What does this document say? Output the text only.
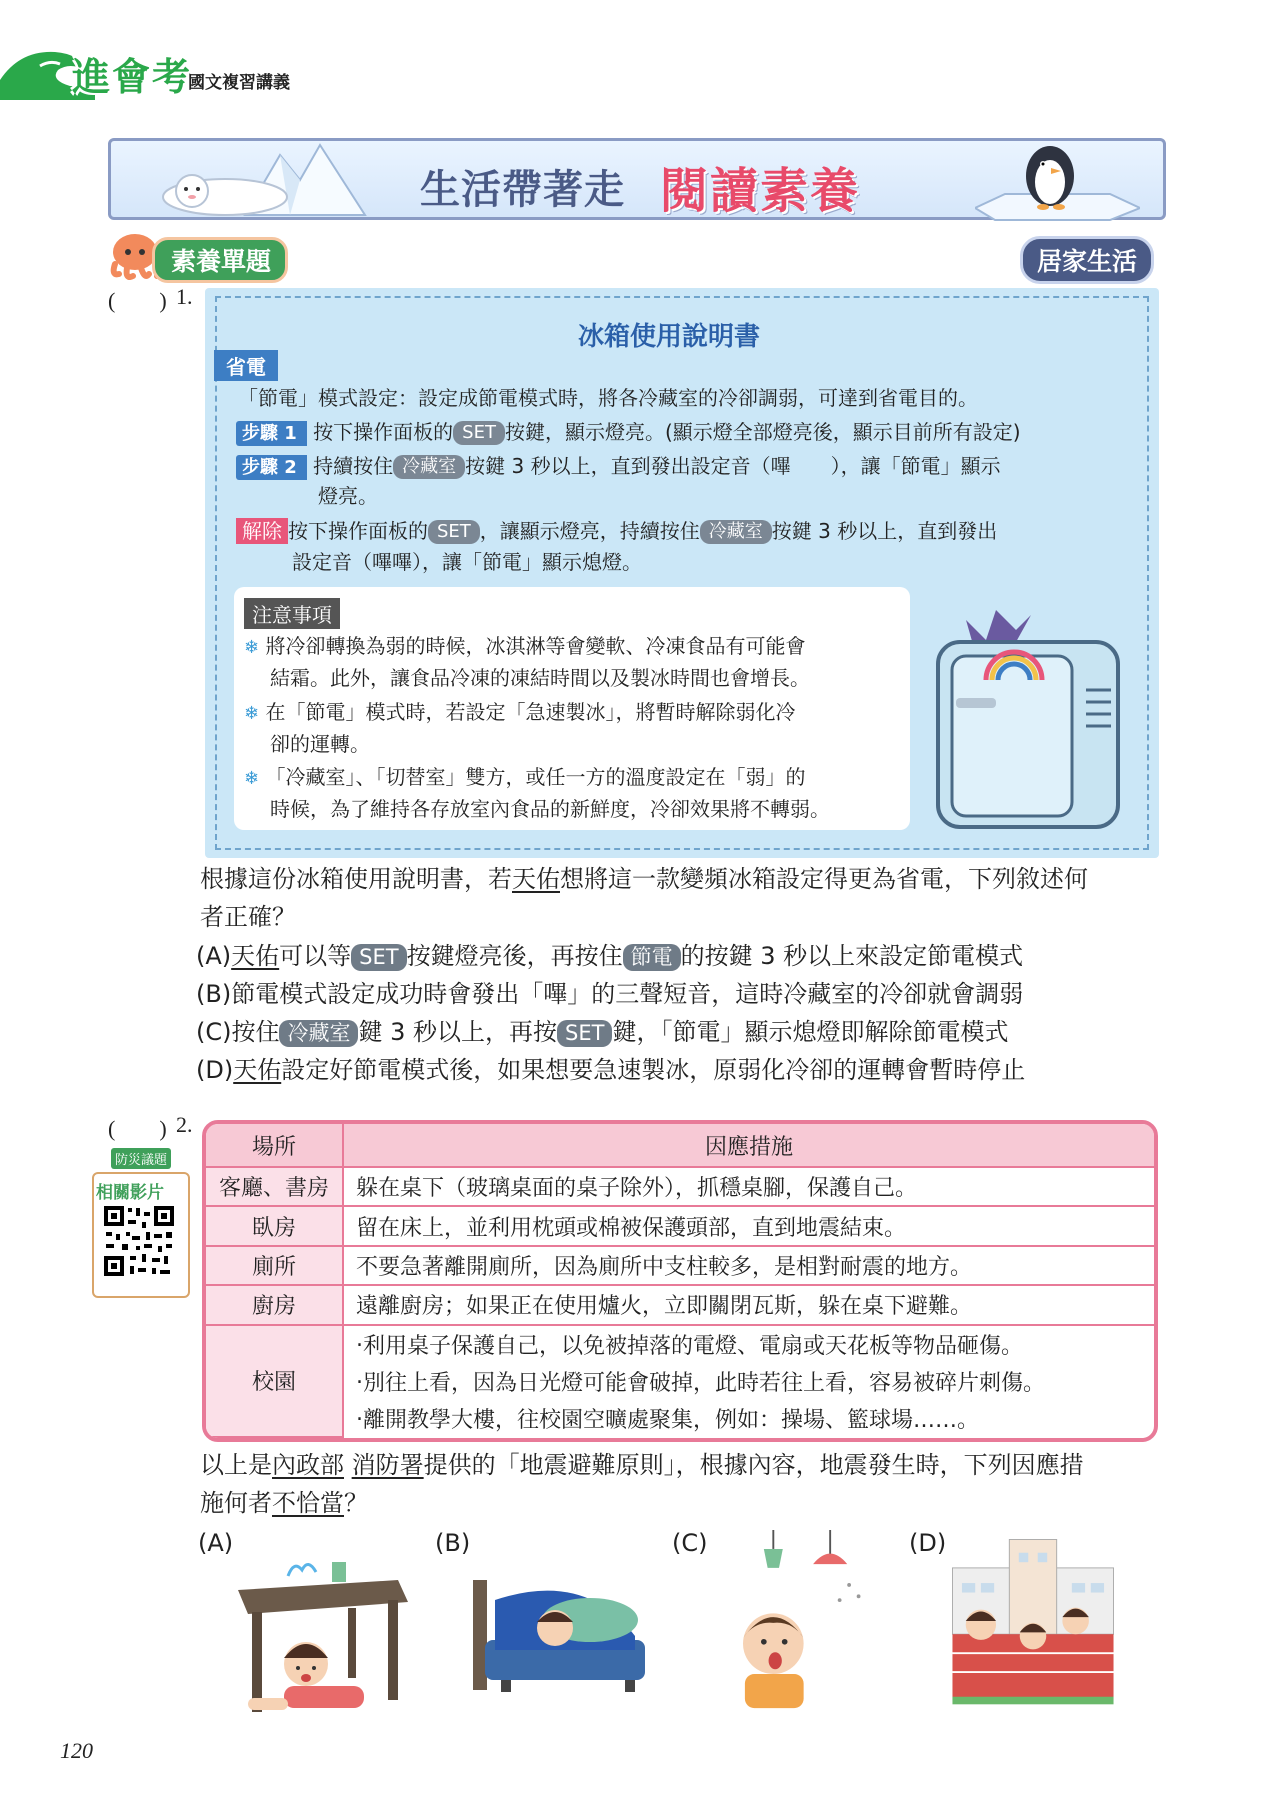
進會考
國文複習講義
生活帶著走 閱讀素養
素養單題	居家生活
(　　) 1.
冰箱使用說明書
省電
「節電」模式設定：設定成節電模式時，將各冷藏室的冷卻調弱，可達到省電目的。
步驟 1 按下操作面板的 SET 按鍵，顯示燈亮。(顯示燈全部燈亮後，顯示目前所有設定)
步驟 2 持續按住 冷藏室 按鍵 3 秒以上，直到發出設定音（嗶　　），讓「節電」顯示
燈亮。
解除 按下操作面板的 SET ，讓顯示燈亮，持續按住 冷藏室 按鍵 3 秒以上，直到發出
設定音（嗶嗶），讓「節電」顯示熄燈。
注意事項
❄ 將冷卻轉換為弱的時候，冰淇淋等會變軟、冷凍食品有可能會
結霜。此外，讓食品冷凍的凍結時間以及製冰時間也會增長。
❄ 在「節電」模式時，若設定「急速製冰」，將暫時解除弱化冷
卻的運轉。
❄ 「冷藏室」、「切替室」雙方，或任一方的溫度設定在「弱」的
時候，為了維持各存放室內食品的新鮮度，冷卻效果將不轉弱。
根據這份冰箱使用說明書，若天佑想將這一款變頻冰箱設定得更為省電，下列敘述何
者正確？
(A)天佑可以等 SET 按鍵燈亮後，再按住 節電 的按鍵 3 秒以上來設定節電模式
(B)節電模式設定成功時會發出「嗶」的三聲短音，這時冷藏室的冷卻就會調弱
(C)按住 冷藏室 鍵 3 秒以上，再按 SET 鍵，「節電」顯示熄燈即解除節電模式
(D)天佑設定好節電模式後，如果想要急速製冰，原弱化冷卻的運轉會暫時停止
(　　) 2.
防災議題
相關影片
場所	因應措施
客廳、書房	躲在桌下（玻璃桌面的桌子除外），抓穩桌腳，保護自己。
臥房	留在床上，並利用枕頭或棉被保護頭部，直到地震結束。
廁所	不要急著離開廁所，因為廁所中支柱較多，是相對耐震的地方。
廚房	遠離廚房；如果正在使用爐火，立即關閉瓦斯，躲在桌下避難。
校園	‧利用桌子保護自己，以免被掉落的電燈、電扇或天花板等物品砸傷。
	‧別往上看，因為日光燈可能會破掉，此時若往上看，容易被碎片刺傷。
	‧離開教學大樓，往校園空曠處聚集，例如：操場、籃球場……。
以上是內政部 消防署提供的「地震避難原則」，根據內容，地震發生時，下列因應措
施何者不恰當？
(A)	(B)	(C)	(D)
120
